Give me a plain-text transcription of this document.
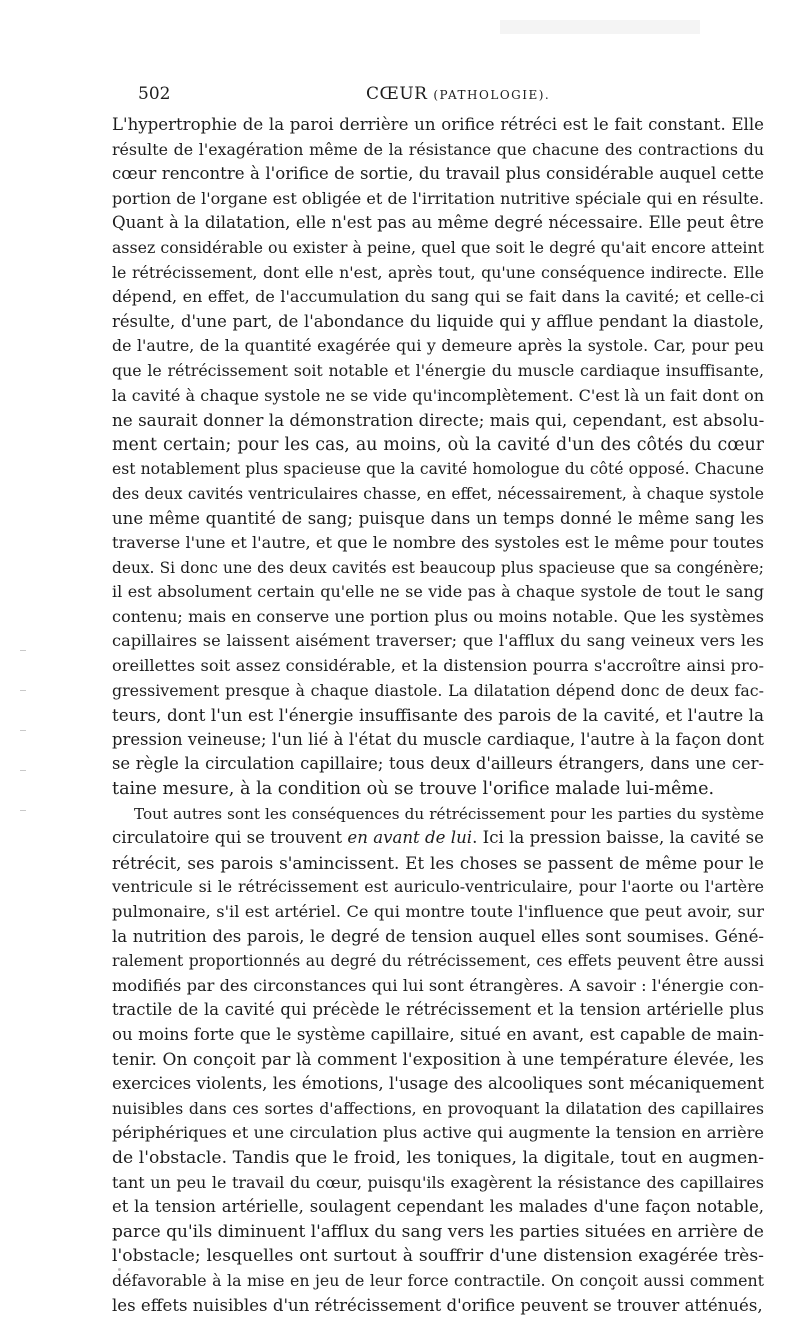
502	CŒUR (PATHOLOGIE).
L'hypertrophie de la paroi derrière un orifice rétréci est le fait constant. Elle
résulte de l'exagération même de la résistance que chacune des contractions du
cœur rencontre à l'orifice de sortie, du travail plus considérable auquel cette
portion de l'organe est obligée et de l'irritation nutritive spéciale qui en résulte.
Quant à la dilatation, elle n'est pas au même degré nécessaire. Elle peut être
assez considérable ou exister à peine, quel que soit le degré qu'ait encore atteint
le rétrécissement, dont elle n'est, après tout, qu'une conséquence indirecte. Elle
dépend, en effet, de l'accumulation du sang qui se fait dans la cavité; et celle-ci
résulte, d'une part, de l'abondance du liquide qui y afflue pendant la diastole,
de l'autre, de la quantité exagérée qui y demeure après la systole. Car, pour peu
que le rétrécissement soit notable et l'énergie du muscle cardiaque insuffisante,
la cavité à chaque systole ne se vide qu'incomplètement. C'est là un fait dont on
ne saurait donner la démonstration directe; mais qui, cependant, est absolu-
ment certain; pour les cas, au moins, où la cavité d'un des côtés du cœur
est notablement plus spacieuse que la cavité homologue du côté opposé. Chacune
des deux cavités ventriculaires chasse, en effet, nécessairement, à chaque systole
une même quantité de sang; puisque dans un temps donné le même sang les
traverse l'une et l'autre, et que le nombre des systoles est le même pour toutes
deux. Si donc une des deux cavités est beaucoup plus spacieuse que sa congénère;
il est absolument certain qu'elle ne se vide pas à chaque systole de tout le sang
contenu; mais en conserve une portion plus ou moins notable. Que les systèmes
capillaires se laissent aisément traverser; que l'afflux du sang veineux vers les
oreillettes soit assez considérable, et la distension pourra s'accroître ainsi pro-
gressivement presque à chaque diastole. La dilatation dépend donc de deux fac-
teurs, dont l'un est l'énergie insuffisante des parois de la cavité, et l'autre la
pression veineuse; l'un lié à l'état du muscle cardiaque, l'autre à la façon dont
se règle la circulation capillaire; tous deux d'ailleurs étrangers, dans une cer-
taine mesure, à la condition où se trouve l'orifice malade lui-même.
Tout autres sont les conséquences du rétrécissement pour les parties du système
circulatoire qui se trouvent en avant de lui. Ici la pression baisse, la cavité se
rétrécit, ses parois s'amincissent. Et les choses se passent de même pour le
ventricule si le rétrécissement est auriculo-ventriculaire, pour l'aorte ou l'artère
pulmonaire, s'il est artériel. Ce qui montre toute l'influence que peut avoir, sur
la nutrition des parois, le degré de tension auquel elles sont soumises. Géné-
ralement proportionnés au degré du rétrécissement, ces effets peuvent être aussi
modifiés par des circonstances qui lui sont étrangères. A savoir : l'énergie con-
tractile de la cavité qui précède le rétrécissement et la tension artérielle plus
ou moins forte que le système capillaire, situé en avant, est capable de main-
tenir. On conçoit par là comment l'exposition à une température élevée, les
exercices violents, les émotions, l'usage des alcooliques sont mécaniquement
nuisibles dans ces sortes d'affections, en provoquant la dilatation des capillaires
périphériques et une circulation plus active qui augmente la tension en arrière
de l'obstacle. Tandis que le froid, les toniques, la digitale, tout en augmen-
tant un peu le travail du cœur, puisqu'ils exagèrent la résistance des capillaires
et la tension artérielle, soulagent cependant les malades d'une façon notable,
parce qu'ils diminuent l'afflux du sang vers les parties situées en arrière de
l'obstacle; lesquelles ont surtout à souffrir d'une distension exagérée très-
défavorable à la mise en jeu de leur force contractile. On conçoit aussi comment
les effets nuisibles d'un rétrécissement d'orifice peuvent se trouver atténués,
